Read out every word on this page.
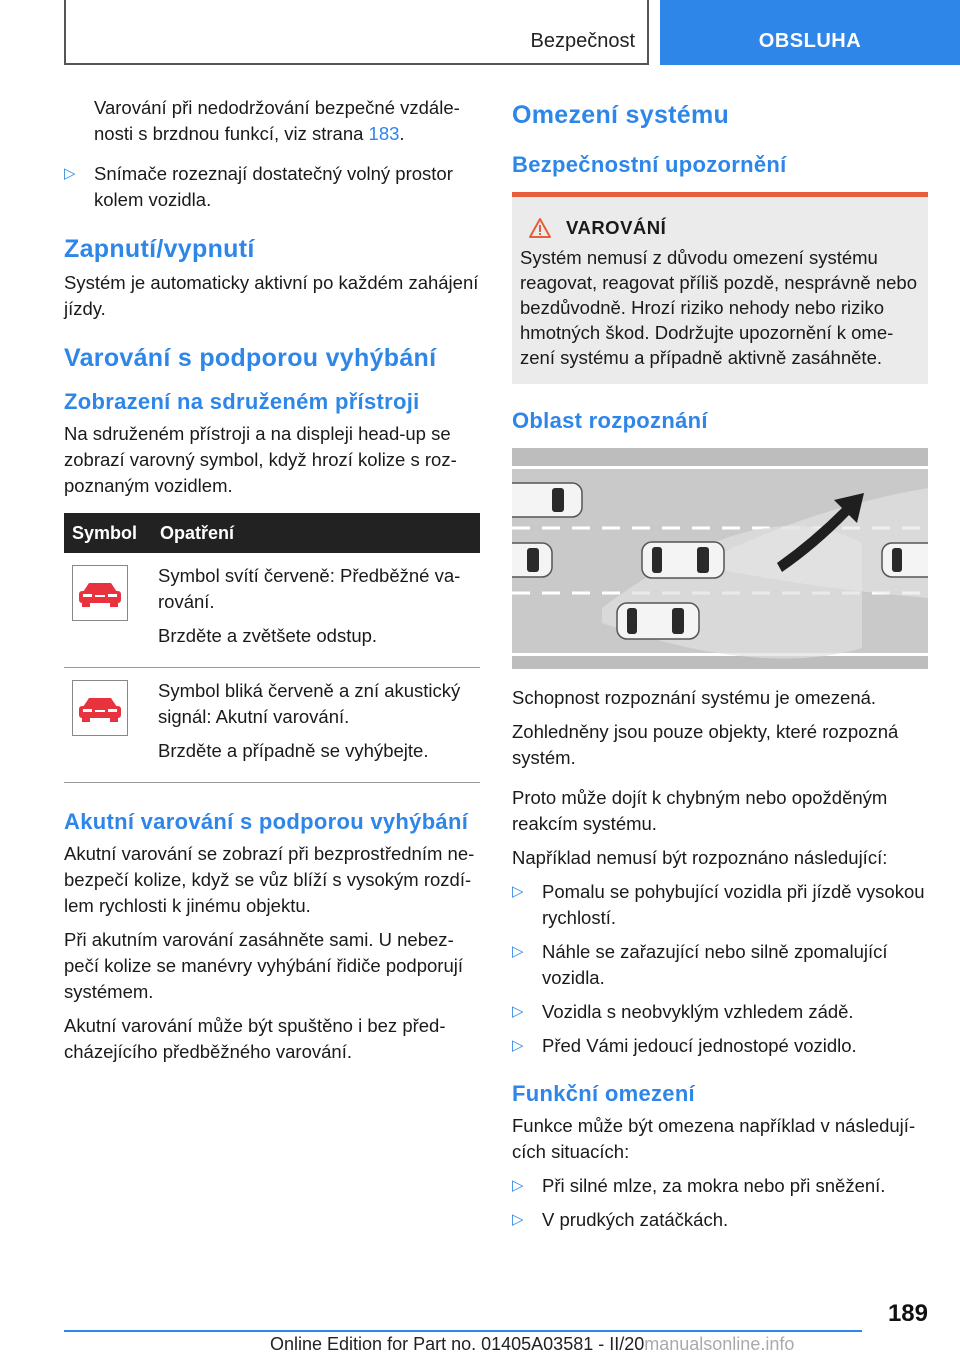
Bezpečnost	OBSLUHA

Varování při nedodržování bezpečné vzdálenosti s brzdnou funkcí, viz strana 183.

▷ Snímače rozeznají dostatečný volný prostor kolem vozidla.
Zapnutí/vypnutí

Systém je automaticky aktivní po každém zahájení jízdy.

Varování s podporou vyhýbání
Zobrazení na sdruženém přístroji

Na sdruženém přístroji a na displeji head-up se zobrazí varovný symbol, když hrozí kolize s rozpoznaným vozidlem.

Symbol	Opatření

Symbol svítí červeně: Předběžné varování.

Brzděte a zvětšete odstup.

Symbol bliká červeně a zní akustický signál: Akutní varování.

Brzděte a případně se vyhýbejte.

Akutní varování s podporou vyhýbání

Akutní varování se zobrazí při bezprostředním nebezpečí kolize, když se vůz blíží s vysokým rozdílem rychlosti k jinému objektu.

Při akutním varování zasáhněte sami. U nebezpečí kolize se manévry vyhýbání řidiče podporují systémem.

Akutní varování může být spuštěno i bez předcházejícího předběžného varování.

Omezení systému
Bezpečnostní upozornění
VAROVÁNÍ

Systém nemusí z důvodu omezení systému reagovat, reagovat příliš pozdě, nesprávně nebo bezdůvodně. Hrozí riziko nehody nebo riziko hmotných škod. Dodržujte upozornění k omezení systému a případně aktivně zasáhněte.

Oblast rozpoznání

Schopnost rozpoznání systému je omezená.

Zohledněny jsou pouze objekty, které rozpozná systém.

Proto může dojít k chybným nebo opožděným reakcím systému.

Například nemusí být rozpoznáno následující:

▷ Pomalu se pohybující vozidla při jízdě vysokou rychlostí.
▷ Náhle se zařazující nebo silně zpomalující vozidla.
▷ Vozidla s neobvyklým vzhledem zádě.
▷ Před Vámi jedoucí jednostopé vozidlo.
Funkční omezení

Funkce může být omezena například v následujících situacích:

▷ Při silné mlze, za mokra nebo při sněžení.
▷ V prudkých zatáčkách.
189
Online Edition for Part no. 01405A03581 - II/20manualsonline.info
